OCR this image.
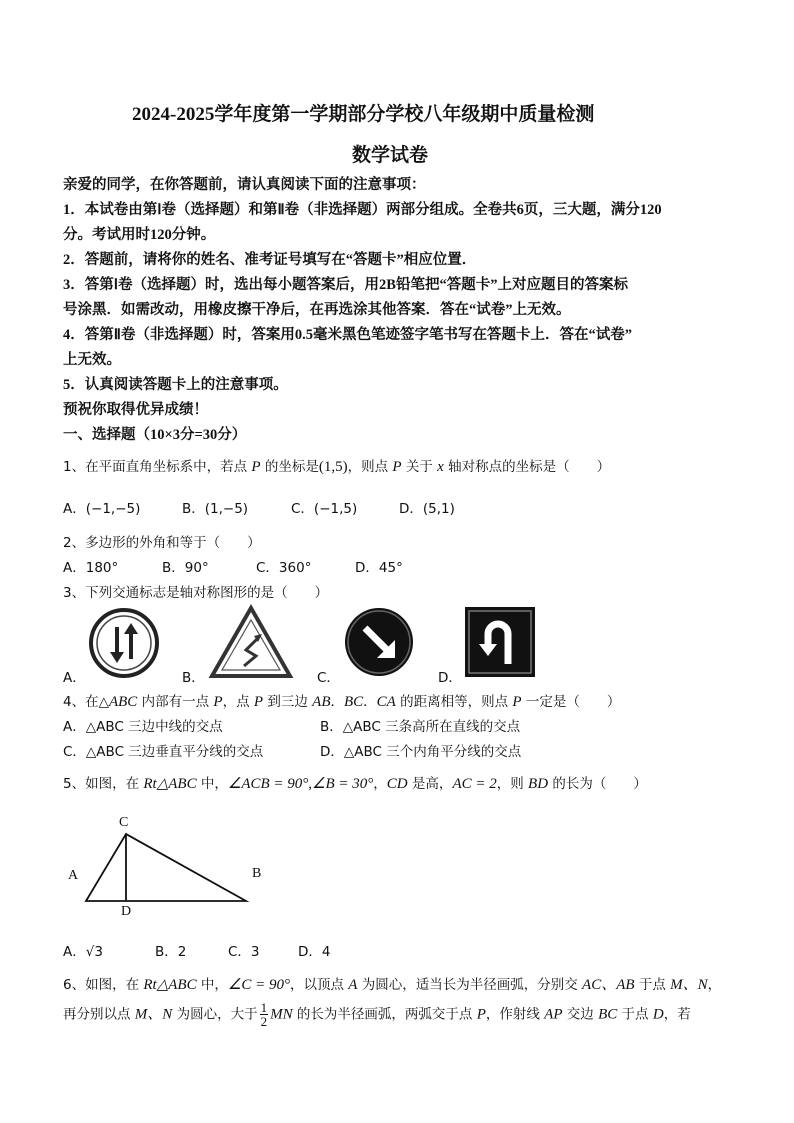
2024-2025学年度第一学期部分学校八年级期中质量检测
数学试卷
亲爱的同学，在你答题前，请认真阅读下面的注意事项：
1．本试卷由第Ⅰ卷（选择题）和第Ⅱ卷（非选择题）两部分组成。全卷共6页，三大题，满分120
分。考试用时120分钟。
2．答题前，请将你的姓名、准考证号填写在“答题卡”相应位置．
3．答第Ⅰ卷（选择题）时，选出每小题答案后，用2B铅笔把“答题卡”上对应题目的答案标
号涂黑．如需改动，用橡皮擦干净后，在再选涂其他答案．答在“试卷”上无效。
4．答第Ⅱ卷（非选择题）时，答案用0.5毫米黑色笔迹签字笔书写在答题卡上．答在“试卷”
上无效。
5．认真阅读答题卡上的注意事项。
预祝你取得优异成绩！
一、选择题（10×3分=30分）
1、在平面直角坐标系中，若点 P 的坐标是(1,5)，则点 P 关于 x 轴对称点的坐标是（　　）
A．(−1,−5)	B．(1,−5)	C．(−1,5)	D．(5,1)
2、多边形的外角和等于（　　）
A．180°	B．90°	C．360°	D．45°
3、下列交通标志是轴对称图形的是（　　）
A．	B．	C．	D．
4、在△ABC 内部有一点 P，点 P 到三边 AB．BC．CA 的距离相等，则点 P 一定是（　　）
A．△ABC 三边中线的交点	B．△ABC 三条高所在直线的交点
C．△ABC 三边垂直平分线的交点	D．△ABC 三个内角平分线的交点
5、如图，在 Rt△ABC 中，∠ACB = 90°,∠B = 30°，CD 是高，AC = 2，则 BD 的长为（　　）
C
A
D
B
A．√3	B．2	C．3	D．4
6、如图，在 Rt△ABC 中，∠C = 90°，以顶点 A 为圆心，适当长为半径画弧，分别交 AC、AB 于点 M、N，
再分别以点 M、N 为圆心，大于 $\frac{1}{2}$ MN 的长为半径画弧，两弧交于点 P，作射线 AP 交边 BC 于点 D，若
